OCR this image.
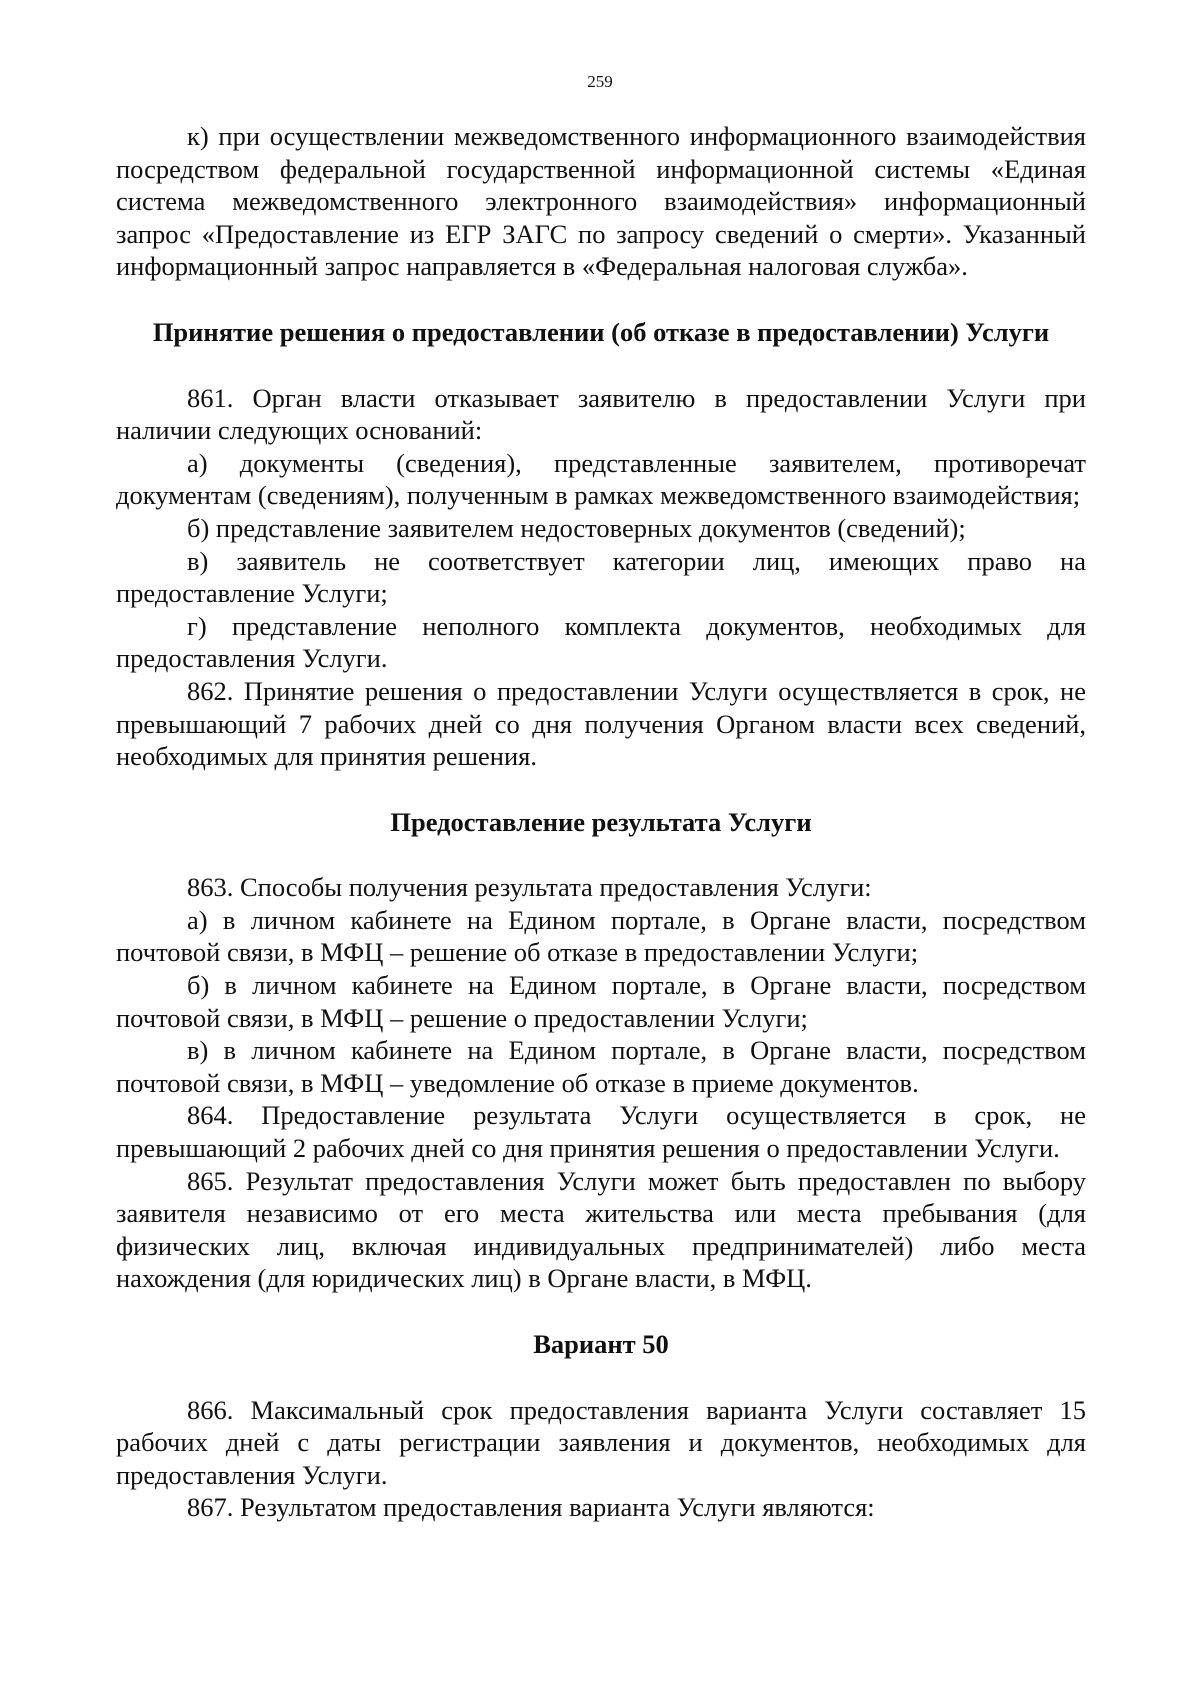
259

к) при осуществлении межведомственного информационного взаимодействия посредством федеральной государственной информационной системы «Единая система межведомственного электронного взаимодействия» информационный запрос «Предоставление из ЕГР ЗАГС по запросу сведений о смерти». Указанный информационный запрос направляется в «Федеральная налоговая служба».

Принятие решения о предоставлении (об отказе в предоставлении) Услуги

861. Орган власти отказывает заявителю в предоставлении Услуги при наличии следующих оснований:

а) документы (сведения), представленные заявителем, противоречат документам (сведениям), полученным в рамках межведомственного взаимодействия;

б) представление заявителем недостоверных документов (сведений);

в) заявитель не соответствует категории лиц, имеющих право на предоставление Услуги;

г) представление неполного комплекта документов, необходимых для предоставления Услуги.

862. Принятие решения о предоставлении Услуги осуществляется в срок, не превышающий 7 рабочих дней со дня получения Органом власти всех сведений, необходимых для принятия решения.

Предоставление результата Услуги

863. Способы получения результата предоставления Услуги:

а) в личном кабинете на Едином портале, в Органе власти, посредством почтовой связи, в МФЦ – решение об отказе в предоставлении Услуги;

б) в личном кабинете на Едином портале, в Органе власти, посредством почтовой связи, в МФЦ – решение о предоставлении Услуги;

в) в личном кабинете на Едином портале, в Органе власти, посредством почтовой связи, в МФЦ – уведомление об отказе в приеме документов.

864. Предоставление результата Услуги осуществляется в срок, не превышающий 2 рабочих дней со дня принятия решения о предоставлении Услуги.

865. Результат предоставления Услуги может быть предоставлен по выбору заявителя независимо от его места жительства или места пребывания (для физических лиц, включая индивидуальных предпринимателей) либо места нахождения (для юридических лиц) в Органе власти, в МФЦ.

Вариант 50

866. Максимальный срок предоставления варианта Услуги составляет 15 рабочих дней с даты регистрации заявления и документов, необходимых для предоставления Услуги.

867. Результатом предоставления варианта Услуги являются:
